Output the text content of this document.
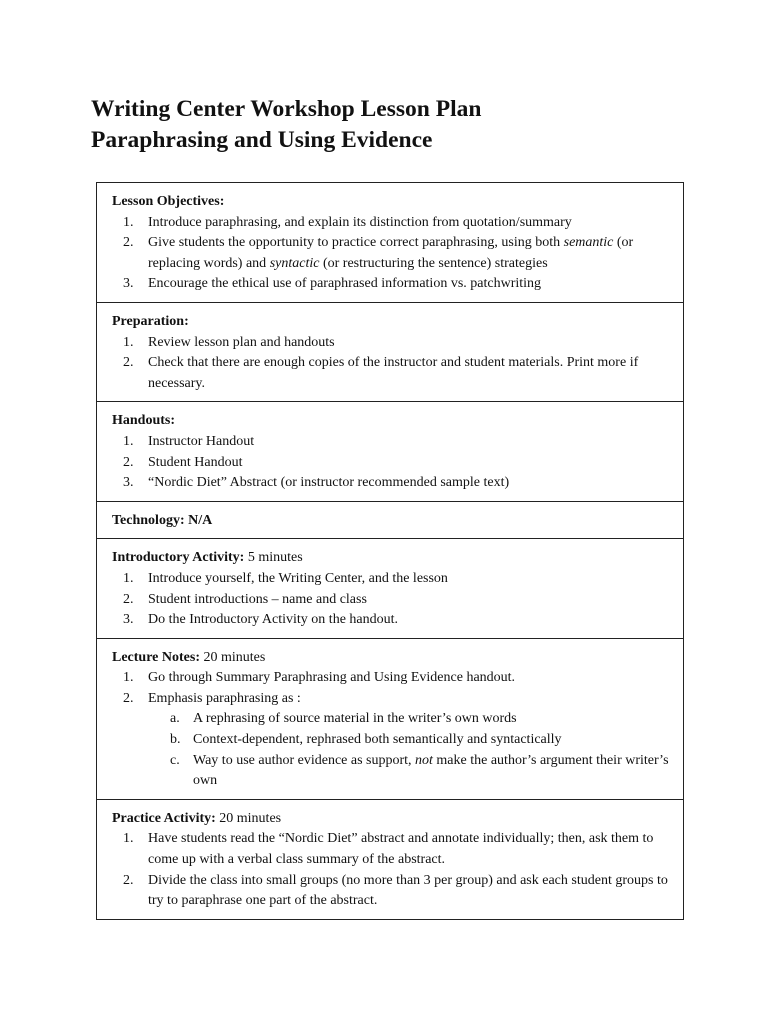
Writing Center Workshop Lesson Plan
Paraphrasing and Using Evidence
Lesson Objectives:
1. Introduce paraphrasing, and explain its distinction from quotation/summary
2. Give students the opportunity to practice correct paraphrasing, using both semantic (or replacing words) and syntactic (or restructuring the sentence) strategies
3. Encourage the ethical use of paraphrased information vs. patchwriting
Preparation:
1. Review lesson plan and handouts
2. Check that there are enough copies of the instructor and student materials. Print more if necessary.
Handouts:
1. Instructor Handout
2. Student Handout
3. “Nordic Diet” Abstract (or instructor recommended sample text)
Technology: N/A
Introductory Activity: 5 minutes
1. Introduce yourself, the Writing Center, and the lesson
2. Student introductions – name and class
3. Do the Introductory Activity on the handout.
Lecture Notes: 20 minutes
1. Go through Summary Paraphrasing and Using Evidence handout.
2. Emphasis paraphrasing as :
a. A rephrasing of source material in the writer’s own words
b. Context-dependent, rephrased both semantically and syntactically
c. Way to use author evidence as support, not make the author’s argument their writer’s own
Practice Activity: 20 minutes
1. Have students read the “Nordic Diet” abstract and annotate individually; then, ask them to come up with a verbal class summary of the abstract.
2. Divide the class into small groups (no more than 3 per group) and ask each student groups to try to paraphrase one part of the abstract.
